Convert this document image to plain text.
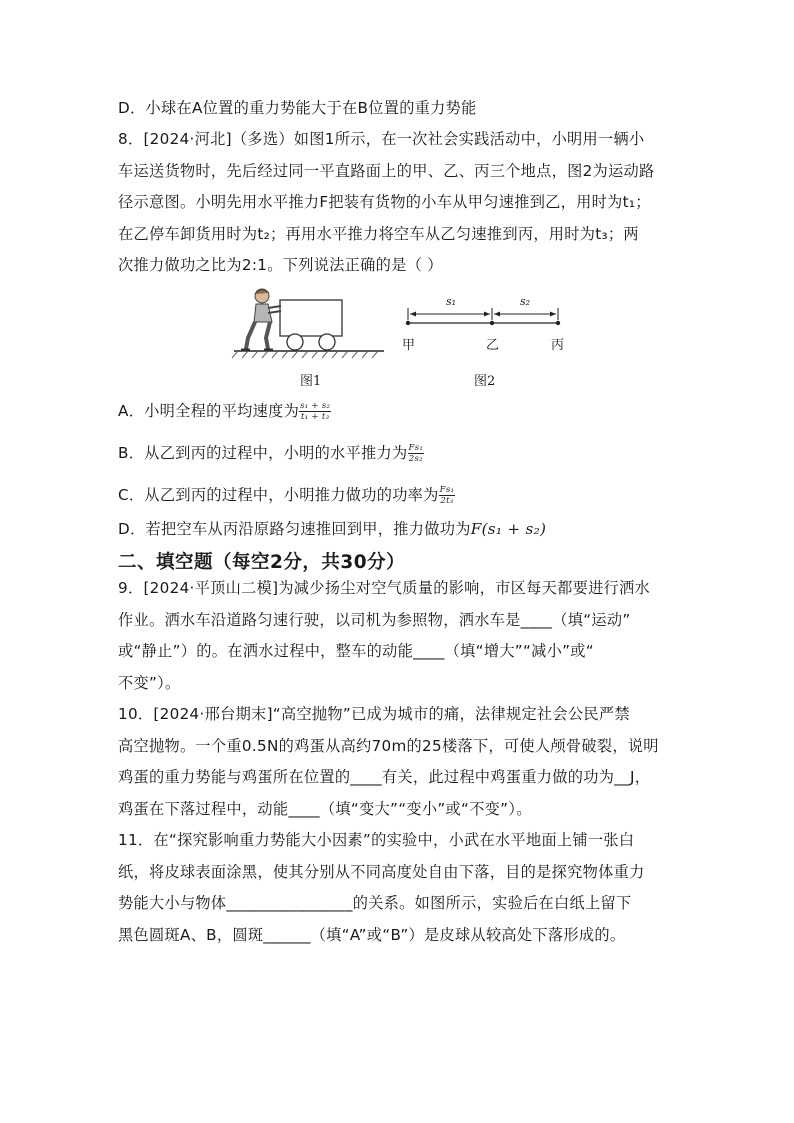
D．小球在A位置的重力势能大于在B位置的重力势能
8．[2024·河北]（多选）如图1所示，在一次社会实践活动中，小明用一辆小
车运送货物时，先后经过同一平直路面上的甲、乙、丙三个地点，图2为运动路
径示意图。小明先用水平推力F把装有货物的小车从甲匀速推到乙，用时为t₁；
在乙停车卸货用时为t₂；再用水平推力将空车从乙匀速推到丙，用时为t₃；两
次推力做功之比为2:1。下列说法正确的是（ ）
s₁	s₂
甲	乙	丙
图1	图2
A．小明全程的平均速度为 $\frac{\text{s₁ + s₂}}{\text{t₁ + t₃}}$
B．从乙到丙的过程中，小明的水平推力为 $\frac{\text{Fs₁}}{\text{2s₂}}$
C．从乙到丙的过程中，小明推力做功的功率为 $\frac{\text{Fs₁}}{\text{2t₃}}$
D．若把空车从丙沿原路匀速推回到甲，推力做功为F(s₁ + s₂)
二、填空题（每空2分，共30分）
9．[2024·平顶山二模]为减少扬尘对空气质量的影响，市区每天都要进行洒水
作业。洒水车沿道路匀速行驶，以司机为参照物，洒水车是____（填“运动”
或“静止”）的。在洒水过程中，整车的动能____（填“增大”“减小”或“
不变”）。
10．[2024·邢台期末]“高空抛物”已成为城市的痛，法律规定社会公民严禁
高空抛物。一个重0.5N的鸡蛋从高约70m的25楼落下，可使人颅骨破裂，说明
鸡蛋的重力势能与鸡蛋所在位置的____有关，此过程中鸡蛋重力做的功为__J，
鸡蛋在下落过程中，动能____（填“变大”“变小”或“不变”）。
11．在“探究影响重力势能大小因素”的实验中，小武在水平地面上铺一张白
纸，将皮球表面涂黑，使其分别从不同高度处自由下落，目的是探究物体重力
势能大小与物体________________的关系。如图所示，实验后在白纸上留下
黑色圆斑A、B，圆斑______（填“A”或“B”）是皮球从较高处下落形成的。
